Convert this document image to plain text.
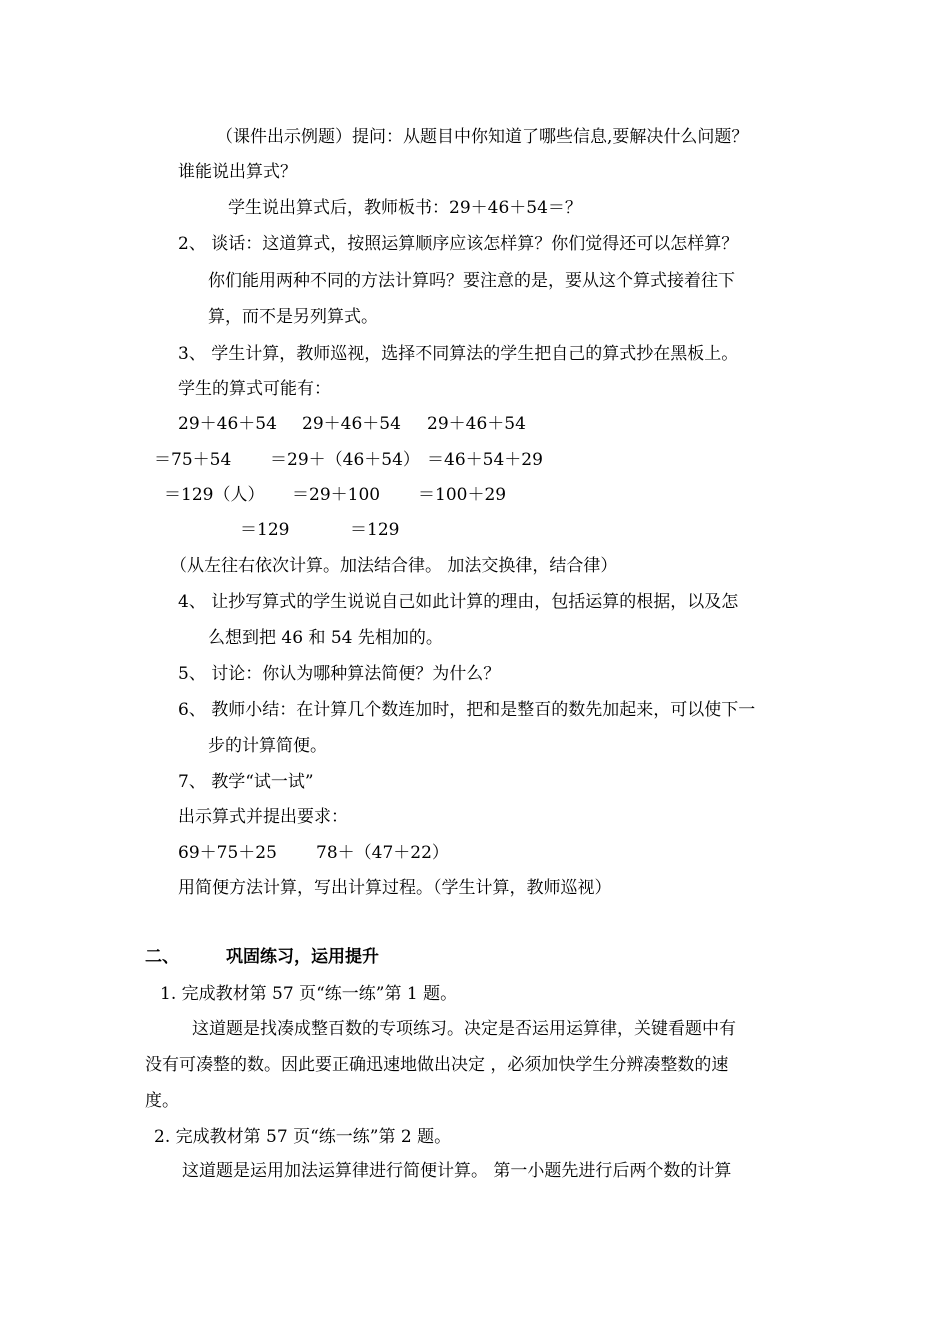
（课件出示例题）提问：从题目中你知道了哪些信息,要解决什么问题？

谁能说出算式？

学生说出算式后，教师板书：29＋46＋54＝？

2、 谈话：这道算式，按照运算顺序应该怎样算？你们觉得还可以怎样算？

你们能用两种不同的方法计算吗？要注意的是，要从这个算式接着往下

算，而不是另列算式。

3、 学生计算，教师巡视，选择不同算法的学生把自己的算式抄在黑板上。

学生的算式可能有：

29＋46＋54 29＋46＋54 29＋46＋54

＝75＋54 ＝29＋（46＋54） ＝46＋54＋29

＝129（人） ＝29＋100 ＝100＋29

＝129	＝129

（从左往右依次计算。加法结合律。 加法交换律，结合律）

4、 让抄写算式的学生说说自己如此计算的理由，包括运算的根据，以及怎

么想到把 46 和 54 先相加的。

5、 讨论：你认为哪种算法简便？为什么？

6、 教师小结：在计算几个数连加时，把和是整百的数先加起来，可以使下一

步的计算简便。

7、 教学“试一试”

出示算式并提出要求：

69＋75＋25 78＋（47＋22）

用简便方法计算，写出计算过程。（学生计算，教师巡视）

二、	巩固练习，运用提升

1. 完成教材第 57 页“练一练”第 1 题。

这道题是找凑成整百数的专项练习。决定是否运用运算律，关键看题中有

没有可凑整的数。因此要正确迅速地做出决定 ，必须加快学生分辨凑整数的速

度。

2. 完成教材第 57 页“练一练”第 2 题。

这道题是运用加法运算律进行简便计算。 第一小题先进行后两个数的计算
